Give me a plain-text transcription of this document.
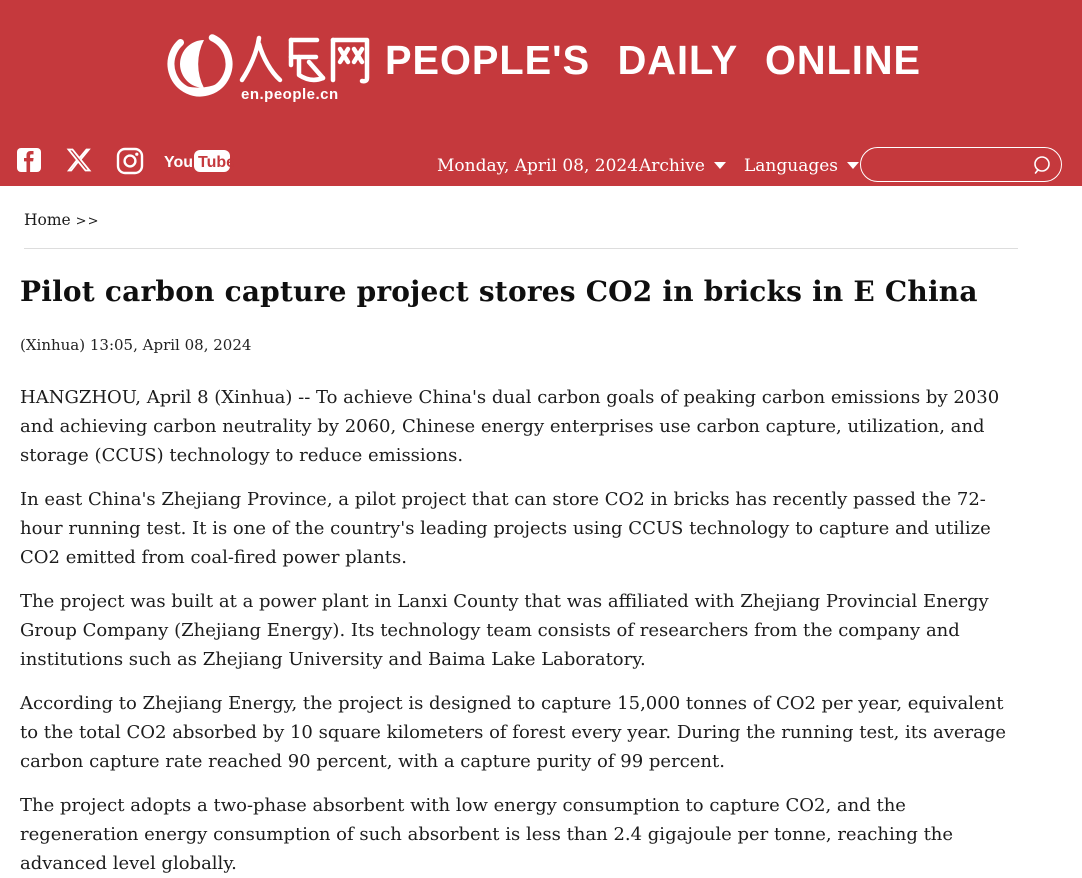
en.people.cn
PEOPLE'S DAILY ONLINE
You Tube	Monday, April 08, 2024 Archive	Languages
Home >>
Pilot carbon capture project stores CO2 in bricks in E China
(Xinhua) 13:05, April 08, 2024

HANGZHOU, April 8 (Xinhua) -- To achieve China's dual carbon goals of peaking carbon emissions by 2030 and achieving carbon neutrality by 2060, Chinese energy enterprises use carbon capture, utilization, and storage (CCUS) technology to reduce emissions.

In east China's Zhejiang Province, a pilot project that can store CO2 in bricks has recently passed the 72-hour running test. It is one of the country's leading projects using CCUS technology to capture and utilize CO2 emitted from coal-fired power plants.

The project was built at a power plant in Lanxi County that was affiliated with Zhejiang Provincial Energy Group Company (Zhejiang Energy). Its technology team consists of researchers from the company and institutions such as Zhejiang University and Baima Lake Laboratory.

According to Zhejiang Energy, the project is designed to capture 15,000 tonnes of CO2 per year, equivalent to the total CO2 absorbed by 10 square kilometers of forest every year. During the running test, its average carbon capture rate reached 90 percent, with a capture purity of 99 percent.

The project adopts a two-phase absorbent with low energy consumption to capture CO2, and the regeneration energy consumption of such absorbent is less than 2.4 gigajoule per tonne, reaching the advanced level globally.
